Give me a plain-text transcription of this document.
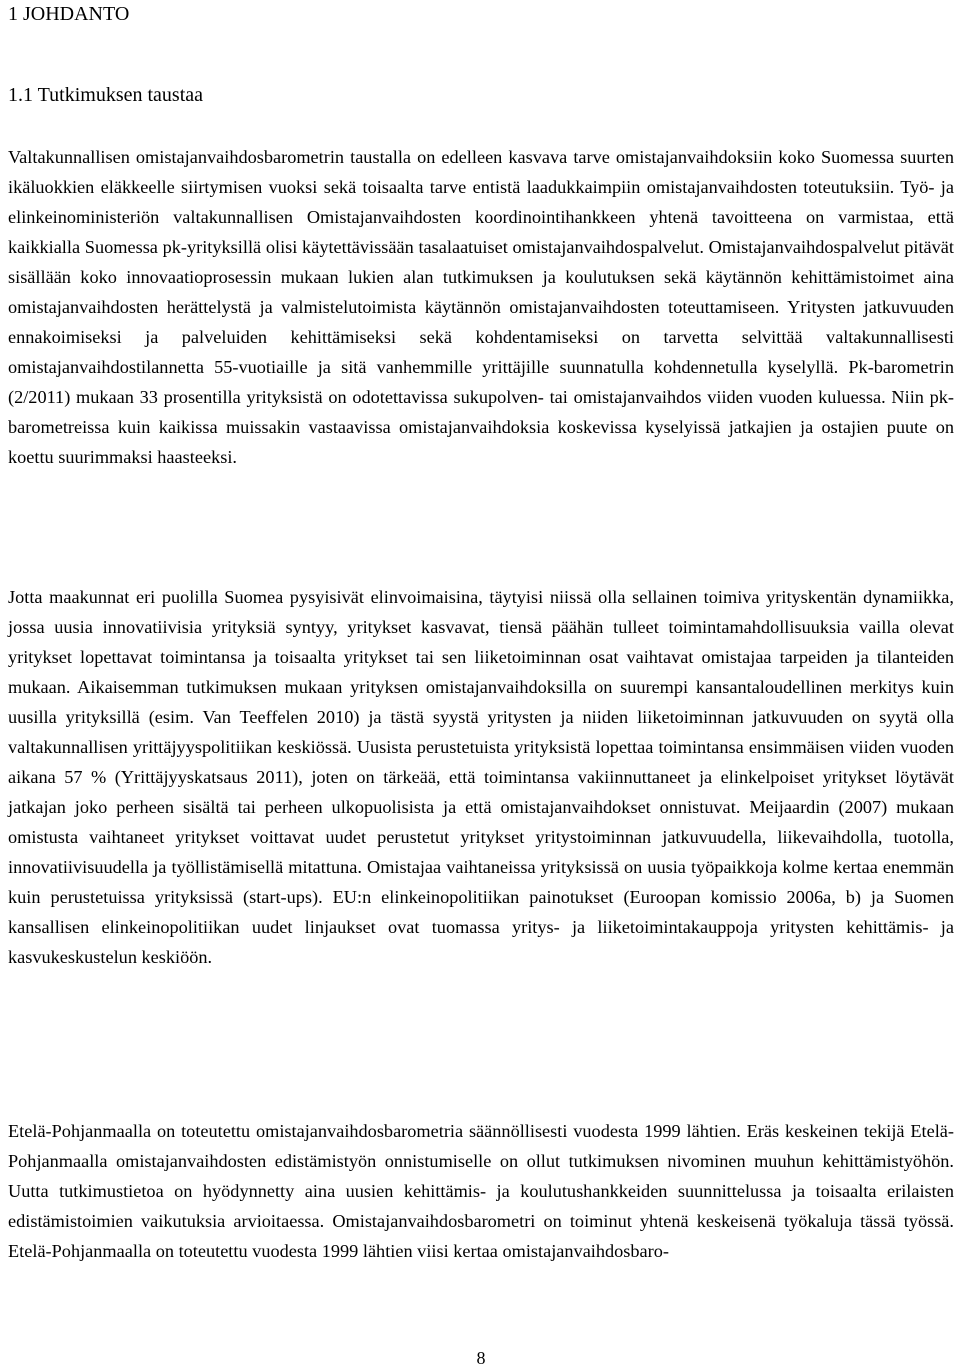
1 JOHDANTO
1.1 Tutkimuksen taustaa

Valtakunnallisen omistajanvaihdosbarometrin taustalla on edelleen kasvava tarve omistajanvaihdoksiin koko Suomessa suurten ikäluokkien eläkkeelle siirtymisen vuoksi sekä toisaalta tarve entistä laadukkaimpiin omistajanvaihdosten toteutuksiin. Työ- ja elinkeinoministeriön valtakunnallisen Omistajanvaihdosten koordinointihankkeen yhtenä tavoitteena on varmistaa, että kaikkialla Suomessa pk-yrityksillä olisi käytettävissään tasalaatuiset omistajanvaihdospalvelut. Omistajanvaihdospalvelut pitävät sisällään koko innovaatioprosessin mukaan lukien alan tutkimuksen ja koulutuksen sekä käytännön kehittämistoimet aina omistajanvaihdosten herättelystä ja valmistelutoimista käytännön omistajanvaihdosten toteuttamiseen. Yritysten jatkuvuuden ennakoimiseksi ja palveluiden kehittämiseksi sekä kohdentamiseksi on tarvetta selvittää valtakunnallisesti omistajanvaihdostilannetta 55-vuotiaille ja sitä vanhemmille yrittäjille suunnatulla kohdennetulla kyselyllä. Pk-barometrin (2/2011) mukaan 33 prosentilla yrityksistä on odotettavissa sukupolven- tai omistajanvaihdos viiden vuoden kuluessa. Niin pk-barometreissa kuin kaikissa muissakin vastaavissa omistajanvaihdoksia koskevissa kyselyissä jatkajien ja ostajien puute on koettu suurimmaksi haasteeksi.

Jotta maakunnat eri puolilla Suomea pysyisivät elinvoimaisina, täytyisi niissä olla sellainen toimiva yrityskentän dynamiikka, jossa uusia innovatiivisia yrityksiä syntyy, yritykset kasvavat, tiensä päähän tulleet toimintamahdollisuuksia vailla olevat yritykset lopettavat toimintansa ja toisaalta yritykset tai sen liiketoiminnan osat vaihtavat omistajaa tarpeiden ja tilanteiden mukaan. Aikaisemman tutkimuksen mukaan yrityksen omistajanvaihdoksilla on suurempi kansantaloudellinen merkitys kuin uusilla yrityksillä (esim. Van Teeffelen 2010) ja tästä syystä yritysten ja niiden liiketoiminnan jatkuvuuden on syytä olla valtakunnallisen yrittäjyyspolitiikan keskiössä. Uusista perustetuista yrityksistä lopettaa toimintansa ensimmäisen viiden vuoden aikana 57 % (Yrittäjyyskatsaus 2011), joten on tärkeää, että toimintansa vakiinnuttaneet ja elinkelpoiset yritykset löytävät jatkajan joko perheen sisältä tai perheen ulkopuolisista ja että omistajanvaihdokset onnistuvat. Meijaardin (2007) mukaan omistusta vaihtaneet yritykset voittavat uudet perustetut yritykset yritystoiminnan jatkuvuudella, liikevaihdolla, tuotolla, innovatiivisuudella ja työllistämisellä mitattuna. Omistajaa vaihtaneissa yrityksissä on uusia työpaikkoja kolme kertaa enemmän kuin perustetuissa yrityksissä (start-ups). EU:n elinkeinopolitiikan painotukset (Euroopan komissio 2006a, b) ja Suomen kansallisen elinkeinopolitiikan uudet linjaukset ovat tuomassa yritys- ja liiketoimintakauppoja yritysten kehittämis- ja kasvukeskustelun keskiöön.

Etelä-Pohjanmaalla on toteutettu omistajanvaihdosbarometria säännöllisesti vuodesta 1999 lähtien. Eräs keskeinen tekijä Etelä-Pohjanmaalla omistajanvaihdosten edistämistyön onnistumiselle on ollut tutkimuksen nivominen muuhun kehittämistyöhön. Uutta tutkimustietoa on hyödynnetty aina uusien kehittämis- ja koulutushankkeiden suunnittelussa ja toisaalta erilaisten edistämistoimien vaikutuksia arvioitaessa. Omistajanvaihdosbarometri on toiminut yhtenä keskeisenä työkaluja tässä työssä. Etelä-Pohjanmaalla on toteutettu vuodesta 1999 lähtien viisi kertaa omistajanvaihdosbaro-

8
